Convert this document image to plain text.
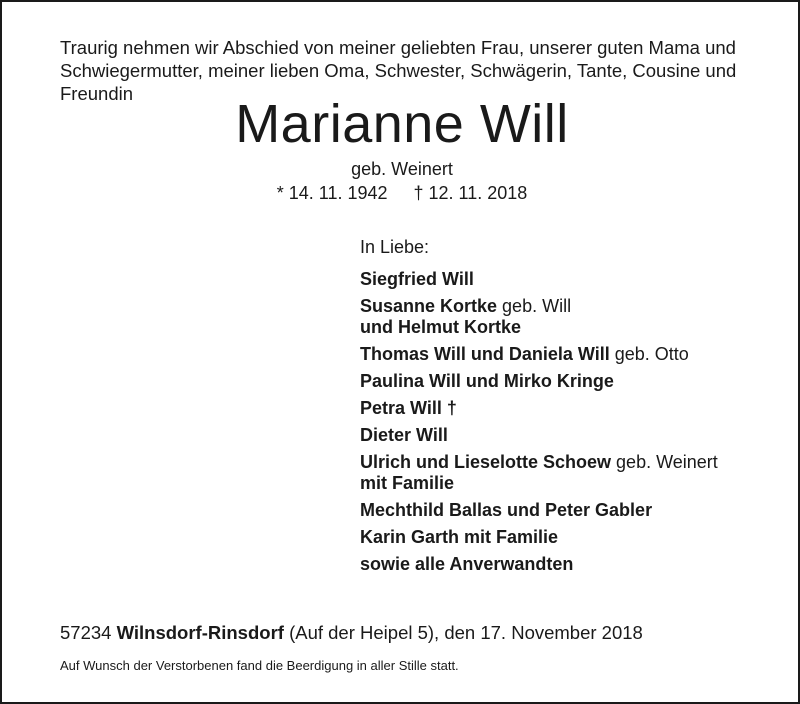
Traurig nehmen wir Abschied von meiner geliebten Frau, unserer guten Mama und
Schwiegermutter, meiner lieben Oma, Schwester, Schwägerin, Tante, Cousine und
Freundin
Marianne Will
geb. Weinert
* 14. 11. 1942 † 12. 11. 2018
In Liebe:
Siegfried Will
Susanne Kortke geb. Will
und Helmut Kortke
Thomas Will und Daniela Will geb. Otto
Paulina Will und Mirko Kringe
Petra Will †
Dieter Will
Ulrich und Lieselotte Schoew geb. Weinert
mit Familie
Mechthild Ballas und Peter Gabler
Karin Garth mit Familie
sowie alle Anverwandten
57234 Wilnsdorf-Rinsdorf (Auf der Heipel 5), den 17. November 2018
Auf Wunsch der Verstorbenen fand die Beerdigung in aller Stille statt.
